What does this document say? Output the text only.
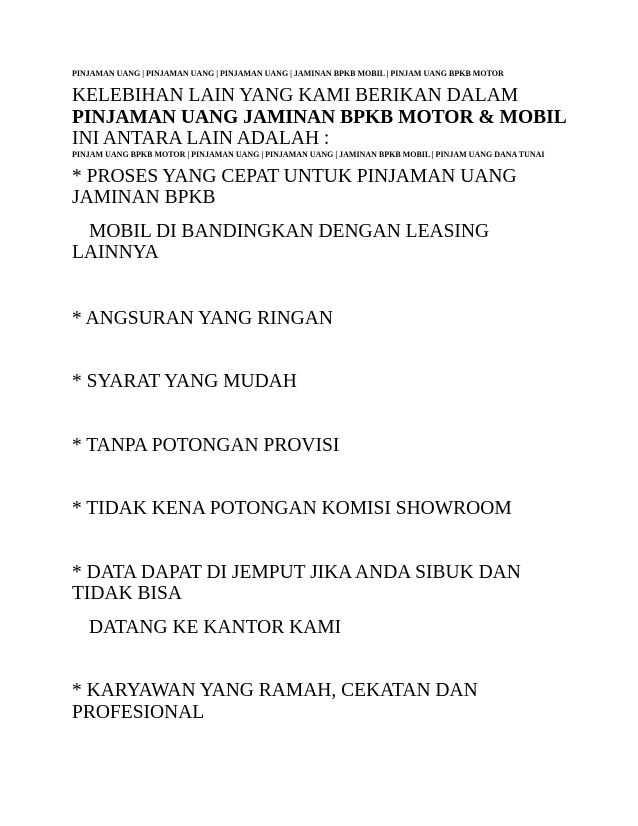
PINJAMAN UANG | PINJAMAN UANG | PINJAMAN UANG | JAMINAN BPKB MOBIL | PINJAM UANG BPKB MOTOR

KELEBIHAN LAIN YANG KAMI BERIKAN DALAM

PINJAMAN UANG JAMINAN BPKB MOTOR & MOBIL

INI ANTARA LAIN ADALAH :

PINJAM UANG BPKB MOTOR | PINJAMAN UANG | PINJAMAN UANG | JAMINAN BPKB MOBIL | PINJAM UANG DANA TUNAI

* PROSES YANG CEPAT UNTUK PINJAMAN UANG

JAMINAN BPKB

MOBIL DI BANDINGKAN DENGAN LEASING

LAINNYA

* ANGSURAN YANG RINGAN

* SYARAT YANG MUDAH

* TANPA POTONGAN PROVISI

* TIDAK KENA POTONGAN KOMISI SHOWROOM

* DATA DAPAT DI JEMPUT JIKA ANDA SIBUK DAN

TIDAK BISA

DATANG KE KANTOR KAMI

* KARYAWAN YANG RAMAH, CEKATAN DAN

PROFESIONAL
